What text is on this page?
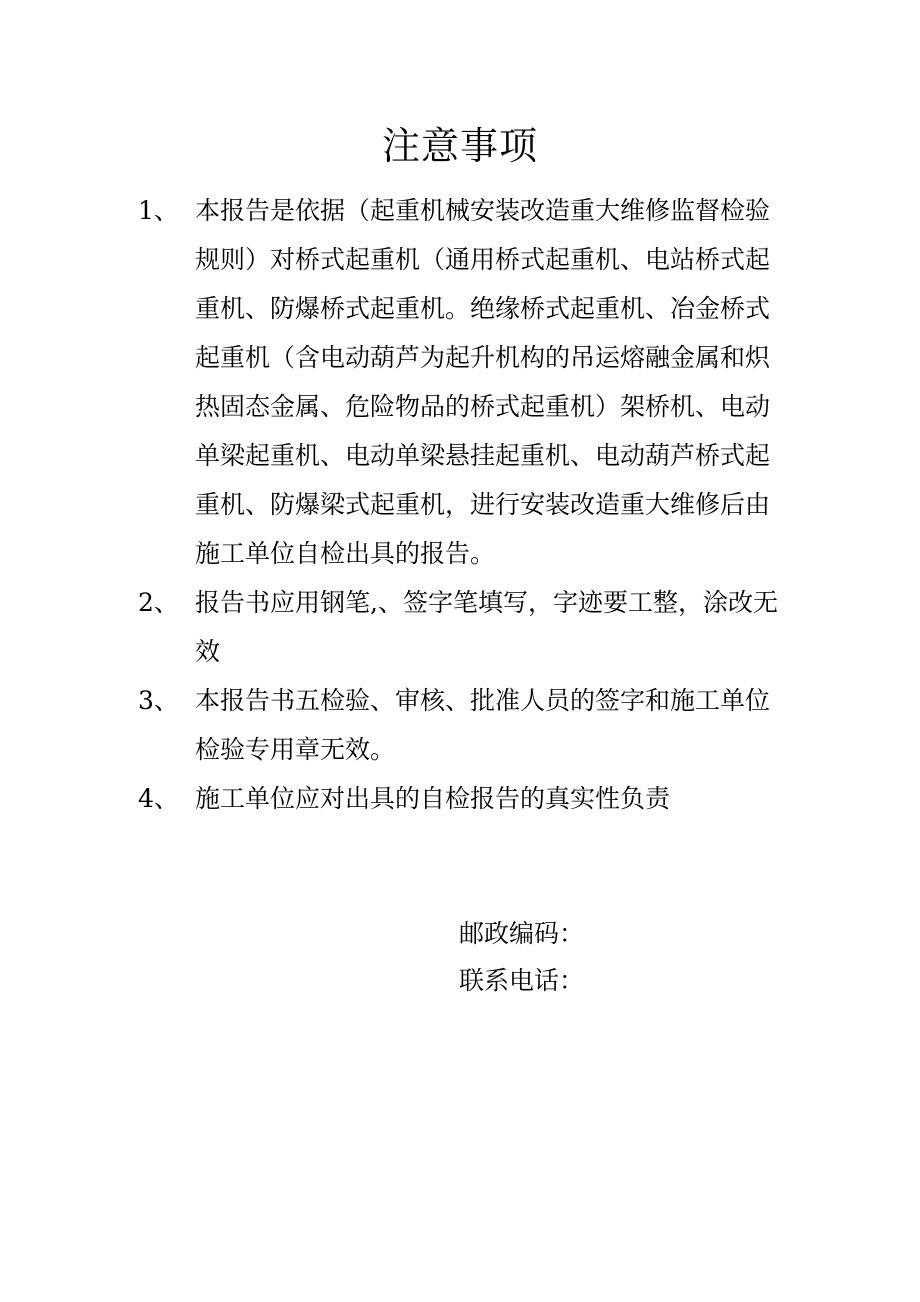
注意事项
1、 本报告是依据（起重机械安装改造重大维修监督检验规则）对桥式起重机（通用桥式起重机、电站桥式起重机、防爆桥式起重机。绝缘桥式起重机、冶金桥式起重机（含电动葫芦为起升机构的吊运熔融金属和炽热固态金属、危险物品的桥式起重机）架桥机、电动单梁起重机、电动单梁悬挂起重机、电动葫芦桥式起重机、防爆梁式起重机，进行安装改造重大维修后由施工单位自检出具的报告。
2、 报告书应用钢笔,、签字笔填写，字迹要工整，涂改无效
3、 本报告书五检验、审核、批准人员的签字和施工单位检验专用章无效。
4、 施工单位应对出具的自检报告的真实性负责
邮政编码：
联系电话：
